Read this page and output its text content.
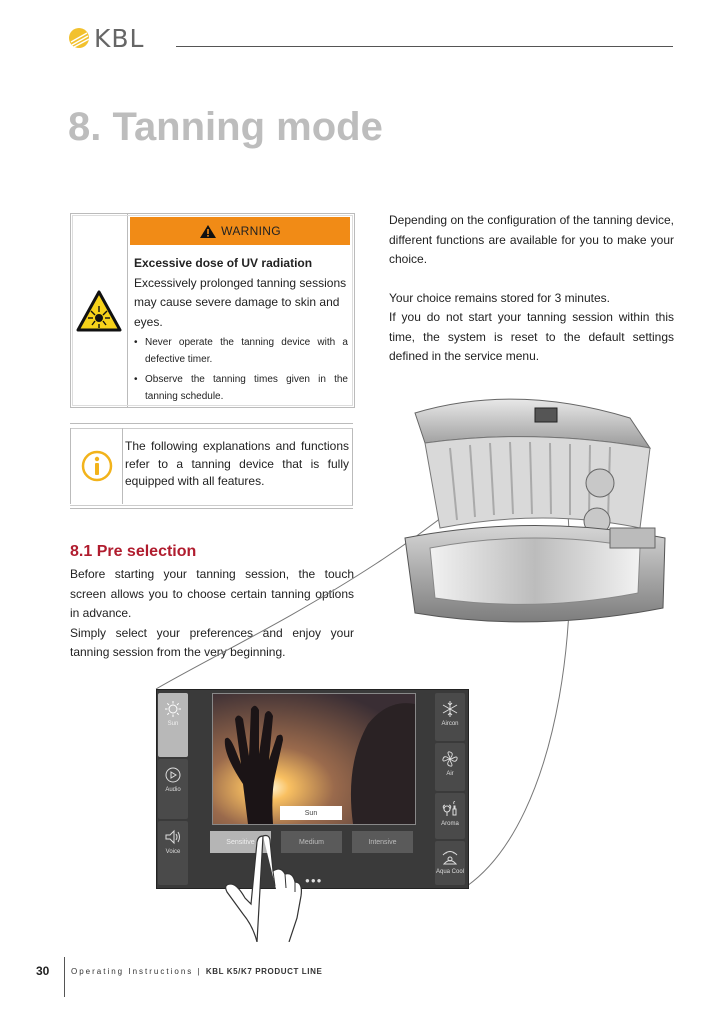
KBL
8. Tanning mode
WARNING

Excessive dose of UV radiation

Excessively prolonged tanning sessions may cause severe damage to skin and eyes.

• Never operate the tanning device with a defective timer.
• Observe the tanning times given in the tanning schedule.

The following explanations and functions refer to a tanning device that is fully equipped with all features.

Depending on the configuration of the tanning device, different functions are available for you to make your choice.

Your choice remains stored for 3 minutes.

If you do not start your tanning session within this time, the system is reset to the default settings defined in the service menu.

8.1 Pre selection

Before starting your tanning session, the touch screen allows you to choose certain tanning options in advance.

Simply select your preferences and enjoy your tanning session from the very beginning.

Sun
Audio
Voice
Sun
Sensitive	Medium	Intensive
●●●
Aircon
Air
Aroma
Aqua Cool
30	Operating Instructions | KBL K5/K7 PRODUCT LINE
